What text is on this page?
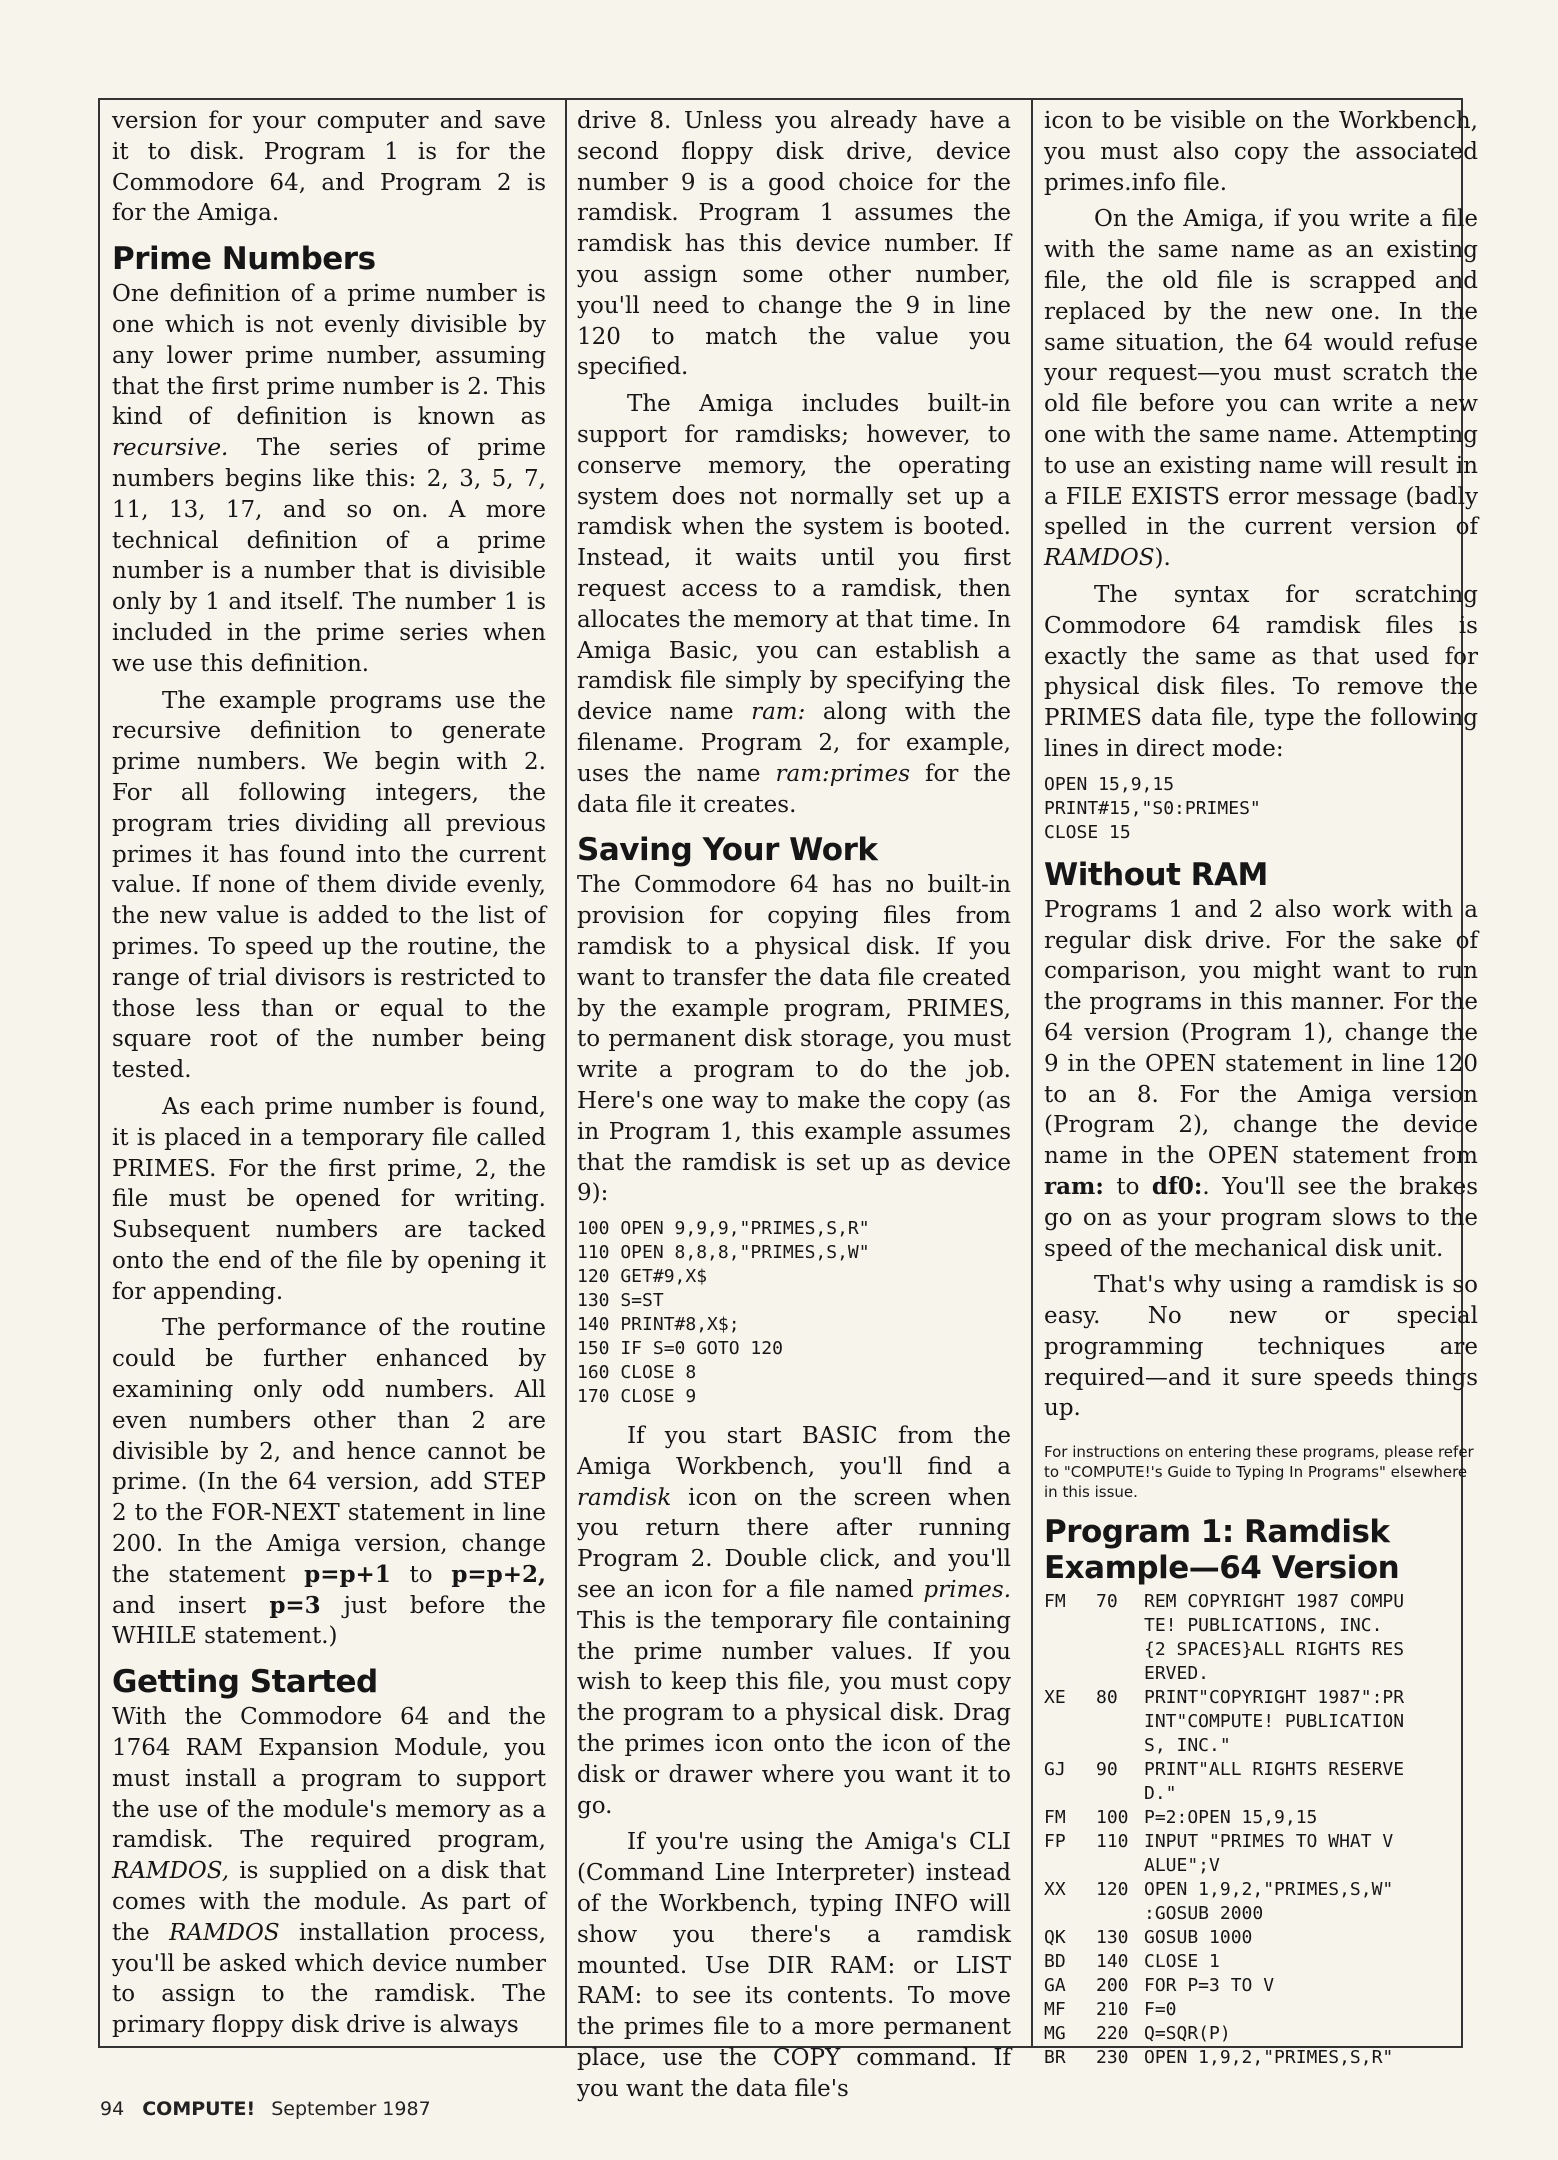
version for your computer and save it to disk. Program 1 is for the Commodore 64, and Program 2 is for the Amiga.

Prime Numbers

One definition of a prime number is one which is not evenly divisible by any lower prime number, assuming that the first prime number is 2. This kind of definition is known as recursive. The series of prime numbers begins like this: 2, 3, 5, 7, 11, 13, 17, and so on. A more technical definition of a prime number is a number that is divisible only by 1 and itself. The number 1 is included in the prime series when we use this definition.

The example programs use the recursive definition to generate prime numbers. We begin with 2. For all following integers, the program tries dividing all previous primes it has found into the current value. If none of them divide evenly, the new value is added to the list of primes. To speed up the routine, the range of trial divisors is restricted to those less than or equal to the square root of the number being tested.

As each prime number is found, it is placed in a temporary file called PRIMES. For the first prime, 2, the file must be opened for writing. Subsequent numbers are tacked onto the end of the file by opening it for appending.

The performance of the routine could be further enhanced by examining only odd numbers. All even numbers other than 2 are divisible by 2, and hence cannot be prime. (In the 64 version, add STEP 2 to the FOR-NEXT statement in line 200. In the Amiga version, change the statement p=p+1 to p=p+2, and insert p=3 just before the WHILE statement.)

Getting Started

With the Commodore 64 and the 1764 RAM Expansion Module, you must install a program to support the use of the module's memory as a ramdisk. The required program, RAMDOS, is supplied on a disk that comes with the module. As part of the RAMDOS installation process, you'll be asked which device number to assign to the ramdisk. The primary floppy disk drive is always

drive 8. Unless you already have a second floppy disk drive, device number 9 is a good choice for the ramdisk. Program 1 assumes the ramdisk has this device number. If you assign some other number, you'll need to change the 9 in line 120 to match the value you specified.

The Amiga includes built-in support for ramdisks; however, to conserve memory, the operating system does not normally set up a ramdisk when the system is booted. Instead, it waits until you first request access to a ramdisk, then allocates the memory at that time. In Amiga Basic, you can establish a ramdisk file simply by specifying the device name ram: along with the filename. Program 2, for example, uses the name ram:primes for the data file it creates.

Saving Your Work

The Commodore 64 has no built-in provision for copying files from ramdisk to a physical disk. If you want to transfer the data file created by the example program, PRIMES, to permanent disk storage, you must write a program to do the job. Here's one way to make the copy (as in Program 1, this example assumes that the ramdisk is set up as device 9):

100 OPEN 9,9,9,"PRIMES,S,R"
110 OPEN 8,8,8,"PRIMES,S,W"
120 GET#9,X$
130 S=ST
140 PRINT#8,X$;
150 IF S=0 GOTO 120
160 CLOSE 8
170 CLOSE 9

If you start BASIC from the Amiga Workbench, you'll find a ramdisk icon on the screen when you return there after running Program 2. Double click, and you'll see an icon for a file named primes. This is the temporary file containing the prime number values. If you wish to keep this file, you must copy the program to a physical disk. Drag the primes icon onto the icon of the disk or drawer where you want it to go.

If you're using the Amiga's CLI (Command Line Interpreter) instead of the Workbench, typing INFO will show you there's a ramdisk mounted. Use DIR RAM: or LIST RAM: to see its contents. To move the primes file to a more permanent place, use the COPY command. If you want the data file's

icon to be visible on the Workbench, you must also copy the associated primes.info file.

On the Amiga, if you write a file with the same name as an existing file, the old file is scrapped and replaced by the new one. In the same situation, the 64 would refuse your request—you must scratch the old file before you can write a new one with the same name. Attempting to use an existing name will result in a FILE EXISTS error message (badly spelled in the current version of RAMDOS).

The syntax for scratching Commodore 64 ramdisk files is exactly the same as that used for physical disk files. To remove the PRIMES data file, type the following lines in direct mode:

OPEN 15,9,15
PRINT#15,"S0:PRIMES"
CLOSE 15
Without RAM

Programs 1 and 2 also work with a regular disk drive. For the sake of comparison, you might want to run the programs in this manner. For the 64 version (Program 1), change the 9 in the OPEN statement in line 120 to an 8. For the Amiga version (Program 2), change the device name in the OPEN statement from ram: to df0:. You'll see the brakes go on as your program slows to the speed of the mechanical disk unit.

That's why using a ramdisk is so easy. No new or special programming techniques are required—and it sure speeds things up.

For instructions on entering these programs, please refer to "COMPUTE!'s Guide to Typing In Programs" elsewhere in this issue.
Program 1: Ramdisk Example—64 Version
FM	70	REM COPYRIGHT 1987 COMPU
TE! PUBLICATIONS, INC.
{2 SPACES}ALL RIGHTS RES
ERVED.
XE	80	PRINT"COPYRIGHT 1987":PR
INT"COMPUTE! PUBLICATION
S, INC."
GJ	90	PRINT"ALL RIGHTS RESERVE
D."
FM	100 P=2:OPEN 15,9,15
FP	110 INPUT "PRIMES TO WHAT V
ALUE";V
XX	120 OPEN 1,9,2,"PRIMES,S,W"
:GOSUB 2000
QK	130 GOSUB 1000
BD	140 CLOSE 1
GA	200 FOR P=3 TO V
MF	210 F=0
MG	220 Q=SQR(P)
BR	230 OPEN 1,9,2,"PRIMES,S,R"
94 COMPUTE! September 1987
